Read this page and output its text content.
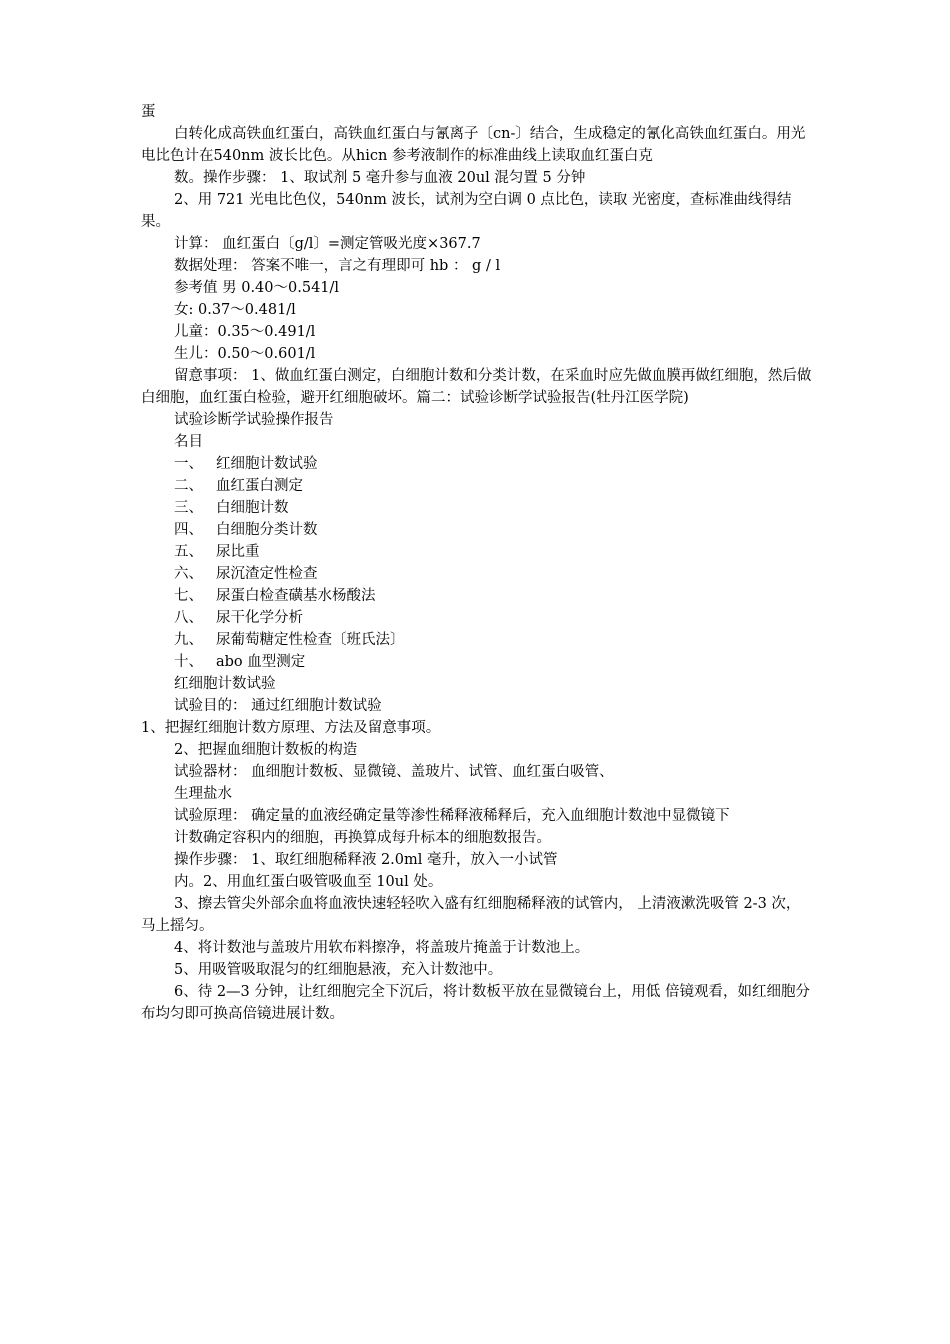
蛋
白转化成高铁血红蛋白，高铁血红蛋白与氰离子〔cn-〕结合，生成稳定的氰化高铁血红蛋白。用光电比色计在540nm 波长比色。从hicn 参考液制作的标准曲线上读取血红蛋白克
数。操作步骤： 1、取试剂 5 毫升参与血液 20ul 混匀置 5 分钟
2、用 721 光电比色仪，540nm 波长，试剂为空白调 0 点比色，读取 光密度，查标准曲线得结果。
计算： 血红蛋白〔g/l〕=测定管吸光度×367.7
数据处理： 答案不唯一，言之有理即可 hb ： g / l
参考值 男 0.40～0.541/l
女: 0.37～0.481/l
儿童：0.35～0.491/l
生儿：0.50～0.601/l
留意事项： 1、做血红蛋白测定，白细胞计数和分类计数，在采血时应先做血膜再做红细胞，然后做白细胞，血红蛋白检验，避开红细胞破坏。篇二：试验诊断学试验报告(牡丹江医学院)
试验诊断学试验操作报告
名目
一、 红细胞计数试验
二、 血红蛋白测定
三、 白细胞计数
四、 白细胞分类计数
五、 尿比重
六、 尿沉渣定性检查
七、 尿蛋白检查磺基水杨酸法
八、 尿干化学分析
九、 尿葡萄糖定性检查〔班氏法〕
十、 abo 血型测定
红细胞计数试验
试验目的： 通过红细胞计数试验
1、把握红细胞计数方原理、方法及留意事项。
2、把握血细胞计数板的构造
试验器材： 血细胞计数板、显微镜、盖玻片、试管、血红蛋白吸管、
生理盐水
试验原理： 确定量的血液经确定量等渗性稀释液稀释后，充入血细胞计数池中显微镜下
计数确定容积内的细胞，再换算成每升标本的细胞数报告。
操作步骤： 1、取红细胞稀释液 2.0ml 毫升，放入一小试管
内。2、用血红蛋白吸管吸血至 10ul 处。
3、擦去管尖外部余血将血液快速轻轻吹入盛有红细胞稀释液的试管内， 上清液漱洗吸管 2-3 次，马上摇匀。
4、将计数池与盖玻片用软布料擦净，将盖玻片掩盖于计数池上。
5、用吸管吸取混匀的红细胞悬液，充入计数池中。
6、待 2—3 分钟，让红细胞完全下沉后，将计数板平放在显微镜台上，用低 倍镜观看，如红细胞分布均匀即可换高倍镜进展计数。
